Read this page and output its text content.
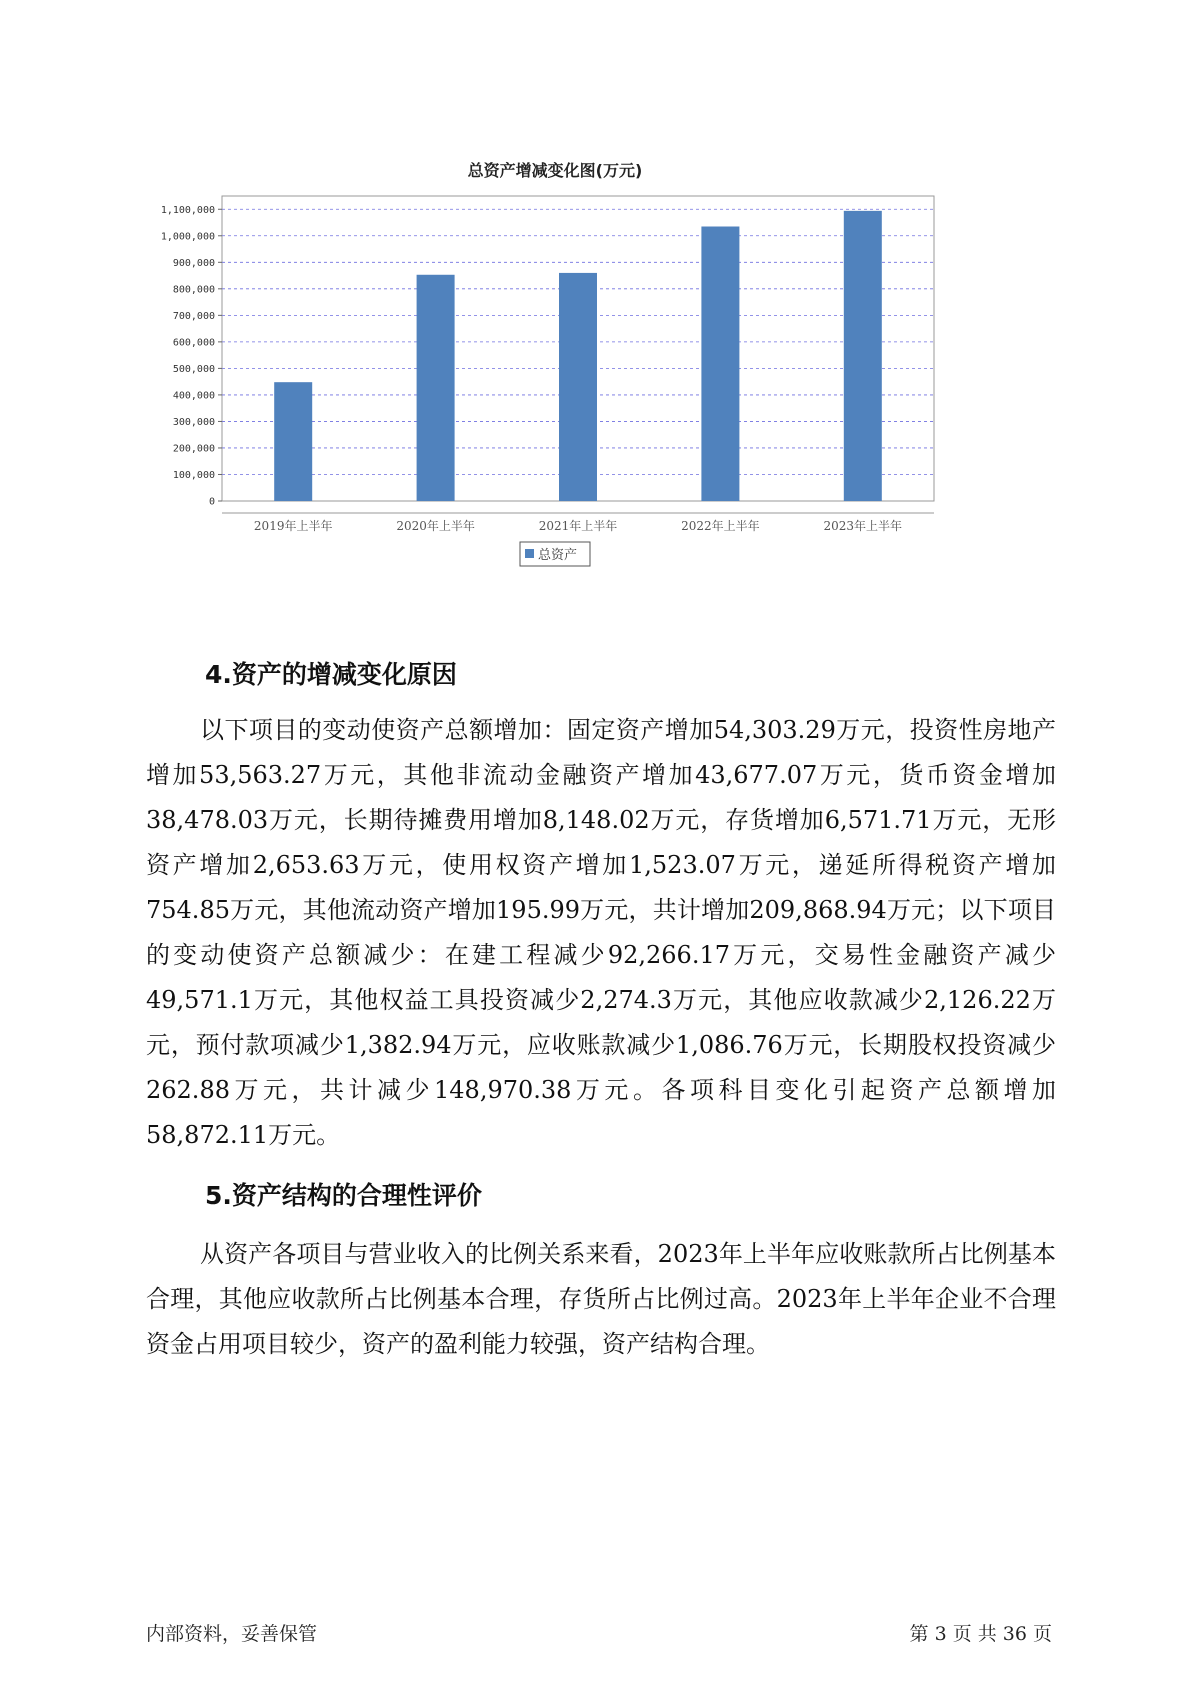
总资产增减变化图(万元)
0
100,000
200,000
300,000
400,000
500,000
600,000
700,000
800,000
900,000
1,000,000
1,100,000
2019年上半年	2020年上半年	2021年上半年	2022年上半年	2023年上半年
总资产
4.资产的增减变化原因

以下项目的变动使资产总额增加：固定资产增加54,303.29万元，投资性房地产增加53,563.27万元，其他非流动金融资产增加43,677.07万元，货币资金增加38,478.03万元，长期待摊费用增加8,148.02万元，存货增加6,571.71万元，无形资产增加2,653.63万元，使用权资产增加1,523.07万元，递延所得税资产增加754.85万元，其他流动资产增加195.99万元，共计增加209,868.94万元；以下项目的变动使资产总额减少：在建工程减少92,266.17万元，交易性金融资产减少49,571.1万元，其他权益工具投资减少2,274.3万元，其他应收款减少2,126.22万元，预付款项减少1,382.94万元，应收账款减少1,086.76万元，长期股权投资减少262.88万元，共计减少148,970.38万元。各项科目变化引起资产总额增加58,872.11万元。

5.资产结构的合理性评价

从资产各项目与营业收入的比例关系来看，2023年上半年应收账款所占比例基本合理，其他应收款所占比例基本合理，存货所占比例过高。2023年上半年企业不合理资金占用项目较少，资产的盈利能力较强，资产结构合理。

内部资料，妥善保管	第 3 页 共 36 页
